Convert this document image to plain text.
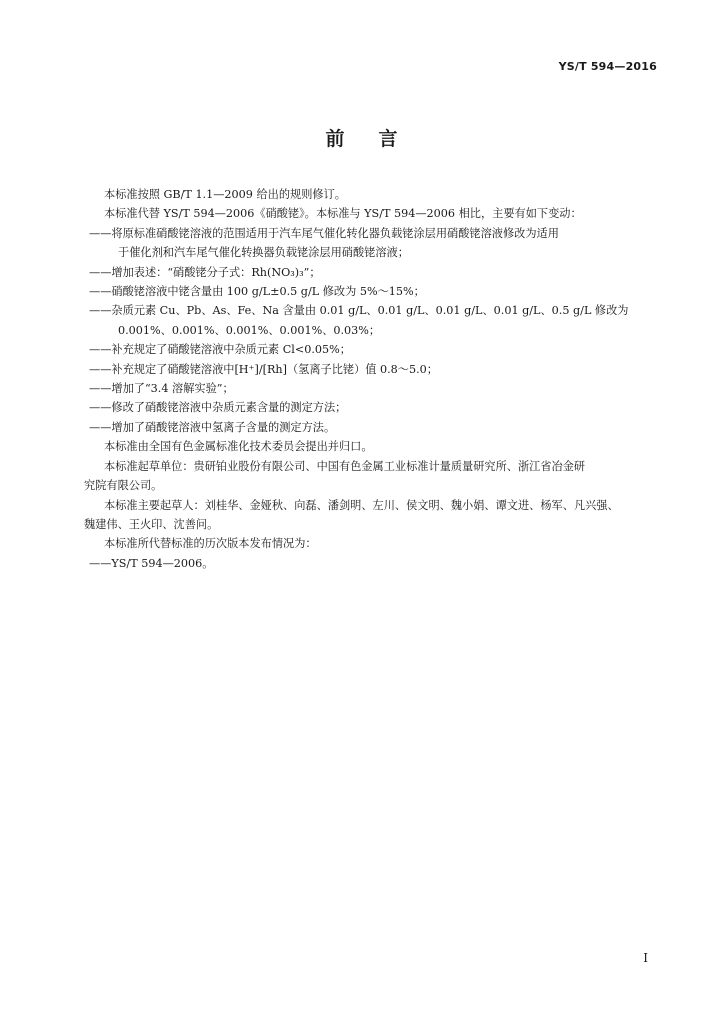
YS/T 594—2016
前言

本标准按照 GB/T 1.1—2009 给出的规则修订。

本标准代替 YS/T 594—2006《硝酸铑》。本标准与 YS/T 594—2006 相比，主要有如下变动：

——将原标准硝酸铑溶液的范围适用于汽车尾气催化转化器负载铑涂层用硝酸铑溶液修改为适用

于催化剂和汽车尾气催化转换器负载铑涂层用硝酸铑溶液；

——增加表述：“硝酸铑分子式：Rh(NO₃)₃”；

——硝酸铑溶液中铑含量由 100 g/L±0.5 g/L 修改为 5%～15%；

——杂质元素 Cu、Pb、As、Fe、Na 含量由 0.01 g/L、0.01 g/L、0.01 g/L、0.01 g/L、0.5 g/L 修改为

0.001%、0.001%、0.001%、0.001%、0.03%；

——补充规定了硝酸铑溶液中杂质元素 Cl<0.05%；

——补充规定了硝酸铑溶液中[H⁺]/[Rh]（氢离子比铑）值 0.8～5.0；

——增加了“3.4 溶解实验”；

——修改了硝酸铑溶液中杂质元素含量的测定方法；

——增加了硝酸铑溶液中氢离子含量的测定方法。

本标准由全国有色金属标准化技术委员会提出并归口。

本标准起草单位：贵研铂业股份有限公司、中国有色金属工业标准计量质量研究所、浙江省冶金研

究院有限公司。

本标准主要起草人：刘桂华、金娅秋、向磊、潘剑明、左川、侯文明、魏小娟、谭文进、杨军、凡兴强、

魏建伟、王火印、沈善问。

本标准所代替标准的历次版本发布情况为：

——YS/T 594—2006。

I
